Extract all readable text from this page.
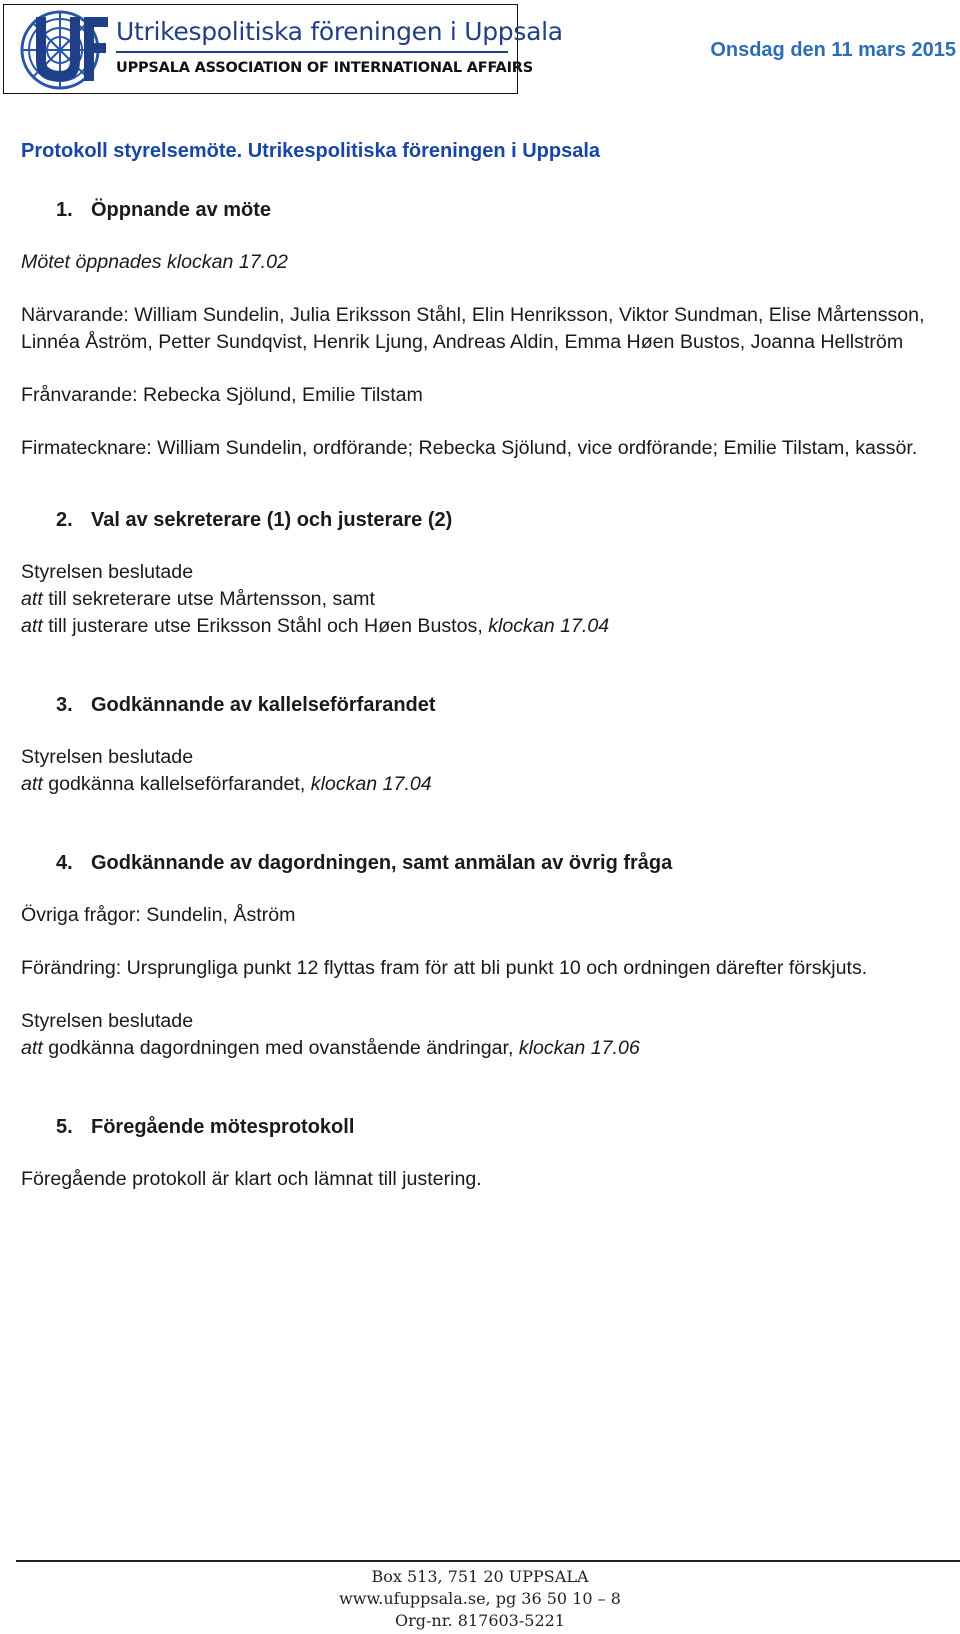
Utrikespolitiska föreningen i Uppsala
UPPSALA ASSOCIATION OF INTERNATIONAL AFFAIRS
Onsdag den 11 mars 2015

Protokoll styrelsemöte. Utrikespolitiska föreningen i Uppsala

1. Öppnande av möte

Mötet öppnades klockan 17.02

Närvarande: William Sundelin, Julia Eriksson Ståhl, Elin Henriksson, Viktor Sundman, Elise Mårtensson, Linnéa Åström, Petter Sundqvist, Henrik Ljung, Andreas Aldin, Emma Høen Bustos, Joanna Hellström

Frånvarande: Rebecka Sjölund, Emilie Tilstam

Firmatecknare: William Sundelin, ordförande; Rebecka Sjölund, vice ordförande; Emilie Tilstam, kassör.

2. Val av sekreterare (1) och justerare (2)

Styrelsen beslutade

att till sekreterare utse Mårtensson, samt

att till justerare utse Eriksson Ståhl och Høen Bustos, klockan 17.04

3. Godkännande av kallelseförfarandet

Styrelsen beslutade

att godkänna kallelseförfarandet, klockan 17.04

4. Godkännande av dagordningen, samt anmälan av övrig fråga

Övriga frågor: Sundelin, Åström

Förändring: Ursprungliga punkt 12 flyttas fram för att bli punkt 10 och ordningen därefter förskjuts.

Styrelsen beslutade

att godkänna dagordningen med ovanstående ändringar, klockan 17.06

5. Föregående mötesprotokoll

Föregående protokoll är klart och lämnat till justering.

Box 513, 751 20 UPPSALA
www.ufuppsala.se, pg 36 50 10 – 8
Org-nr. 817603-5221
